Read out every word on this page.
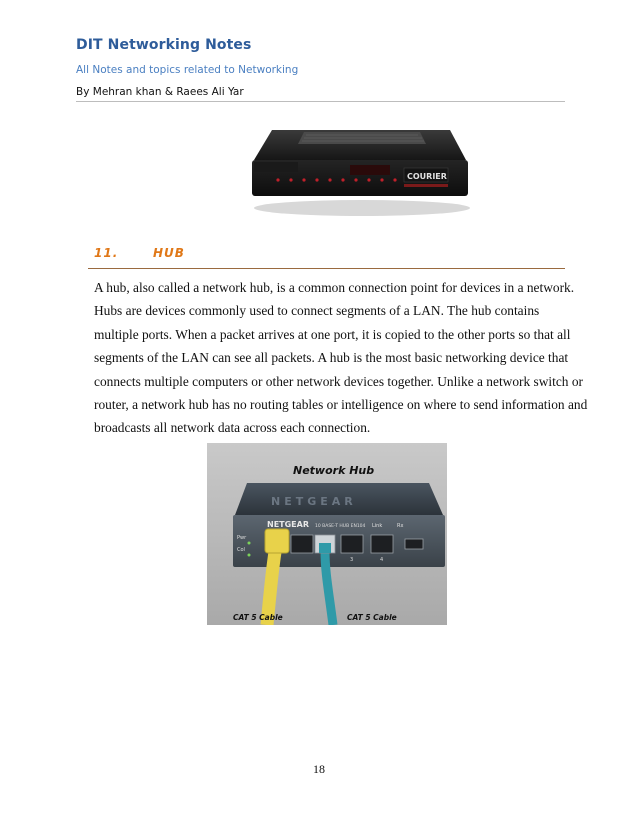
DIT Networking Notes
All Notes and topics related to Networking
By Mehran khan & Raees Ali Yar
COURIER
11.	HUB
A hub, also called a network hub, is a common connection point for devices in a network.
Hubs are devices commonly used to connect segments of a LAN. The hub contains
multiple ports. When a packet arrives at one port, it is copied to the other ports so that all
segments of the LAN can see all packets. A hub is the most basic networking device that
connects multiple computers or other network devices together. Unlike a network switch or
router, a network hub has no routing tables or intelligence on where to send information and
broadcasts all network data across each connection.
Network Hub
NETGEAR
NETGEAR 10 BASE-T HUB EN104
Pwr
Col
Link	Rx
3	4
CAT 5 Cable	CAT 5 Cable
18
